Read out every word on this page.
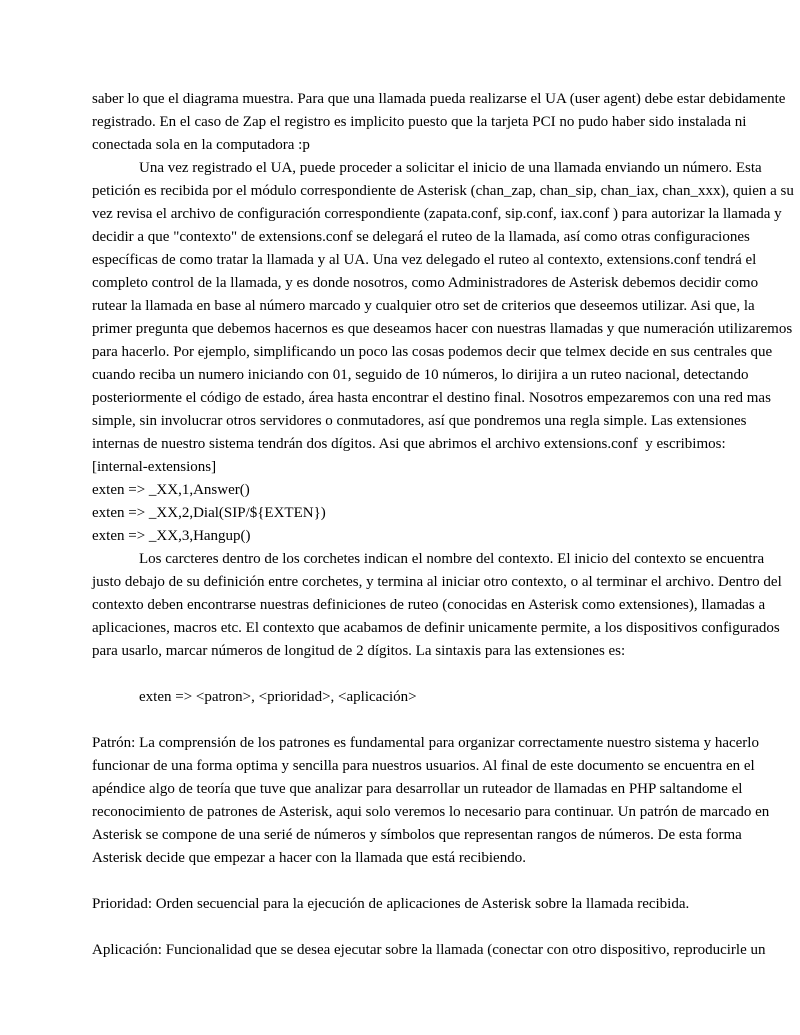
saber lo que el diagrama muestra. Para que una llamada pueda realizarse el UA (user agent) debe estar debidamente
registrado. En el caso de Zap el registro es implicito puesto que la tarjeta PCI no pudo haber sido instalada ni
conectada sola en la computadora :p
Una vez registrado el UA, puede proceder a solicitar el inicio de una llamada enviando un número. Esta
petición es recibida por el módulo correspondiente de Asterisk (chan_zap, chan_sip, chan_iax, chan_xxx), quien a su
vez revisa el archivo de configuración correspondiente (zapata.conf, sip.conf, iax.conf ) para autorizar la llamada y
decidir a que "contexto" de extensions.conf se delegará el ruteo de la llamada, así como otras configuraciones
específicas de como tratar la llamada y al UA. Una vez delegado el ruteo al contexto, extensions.conf tendrá el
completo control de la llamada, y es donde nosotros, como Administradores de Asterisk debemos decidir como
rutear la llamada en base al número marcado y cualquier otro set de criterios que deseemos utilizar. Asi que, la
primer pregunta que debemos hacernos es que deseamos hacer con nuestras llamadas y que numeración utilizaremos
para hacerlo. Por ejemplo, simplificando un poco las cosas podemos decir que telmex decide en sus centrales que
cuando reciba un numero iniciando con 01, seguido de 10 números, lo dirijira a un ruteo nacional, detectando
posteriormente el código de estado, área hasta encontrar el destino final. Nosotros empezaremos con una red mas
simple, sin involucrar otros servidores o conmutadores, así que pondremos una regla simple. Las extensiones
internas de nuestro sistema tendrán dos dígitos. Asi que abrimos el archivo extensions.conf  y escribimos:
[internal-extensions]
exten => _XX,1,Answer()
exten => _XX,2,Dial(SIP/${EXTEN})
exten => _XX,3,Hangup()
Los carcteres dentro de los corchetes indican el nombre del contexto. El inicio del contexto se encuentra
justo debajo de su definición entre corchetes, y termina al iniciar otro contexto, o al terminar el archivo. Dentro del
contexto deben encontrarse nuestras definiciones de ruteo (conocidas en Asterisk como extensiones), llamadas a
aplicaciones, macros etc. El contexto que acabamos de definir unicamente permite, a los dispositivos configurados
para usarlo, marcar números de longitud de 2 dígitos. La sintaxis para las extensiones es:
exten => <patron>, <prioridad>, <aplicación>
Patrón: La comprensión de los patrones es fundamental para organizar correctamente nuestro sistema y hacerlo
funcionar de una forma optima y sencilla para nuestros usuarios. Al final de este documento se encuentra en el
apéndice algo de teoría que tuve que analizar para desarrollar un ruteador de llamadas en PHP saltandome el
reconocimiento de patrones de Asterisk, aqui solo veremos lo necesario para continuar. Un patrón de marcado en
Asterisk se compone de una serié de números y símbolos que representan rangos de números. De esta forma
Asterisk decide que empezar a hacer con la llamada que está recibiendo.
Prioridad: Orden secuencial para la ejecución de aplicaciones de Asterisk sobre la llamada recibida.
Aplicación: Funcionalidad que se desea ejecutar sobre la llamada (conectar con otro dispositivo, reproducirle un
